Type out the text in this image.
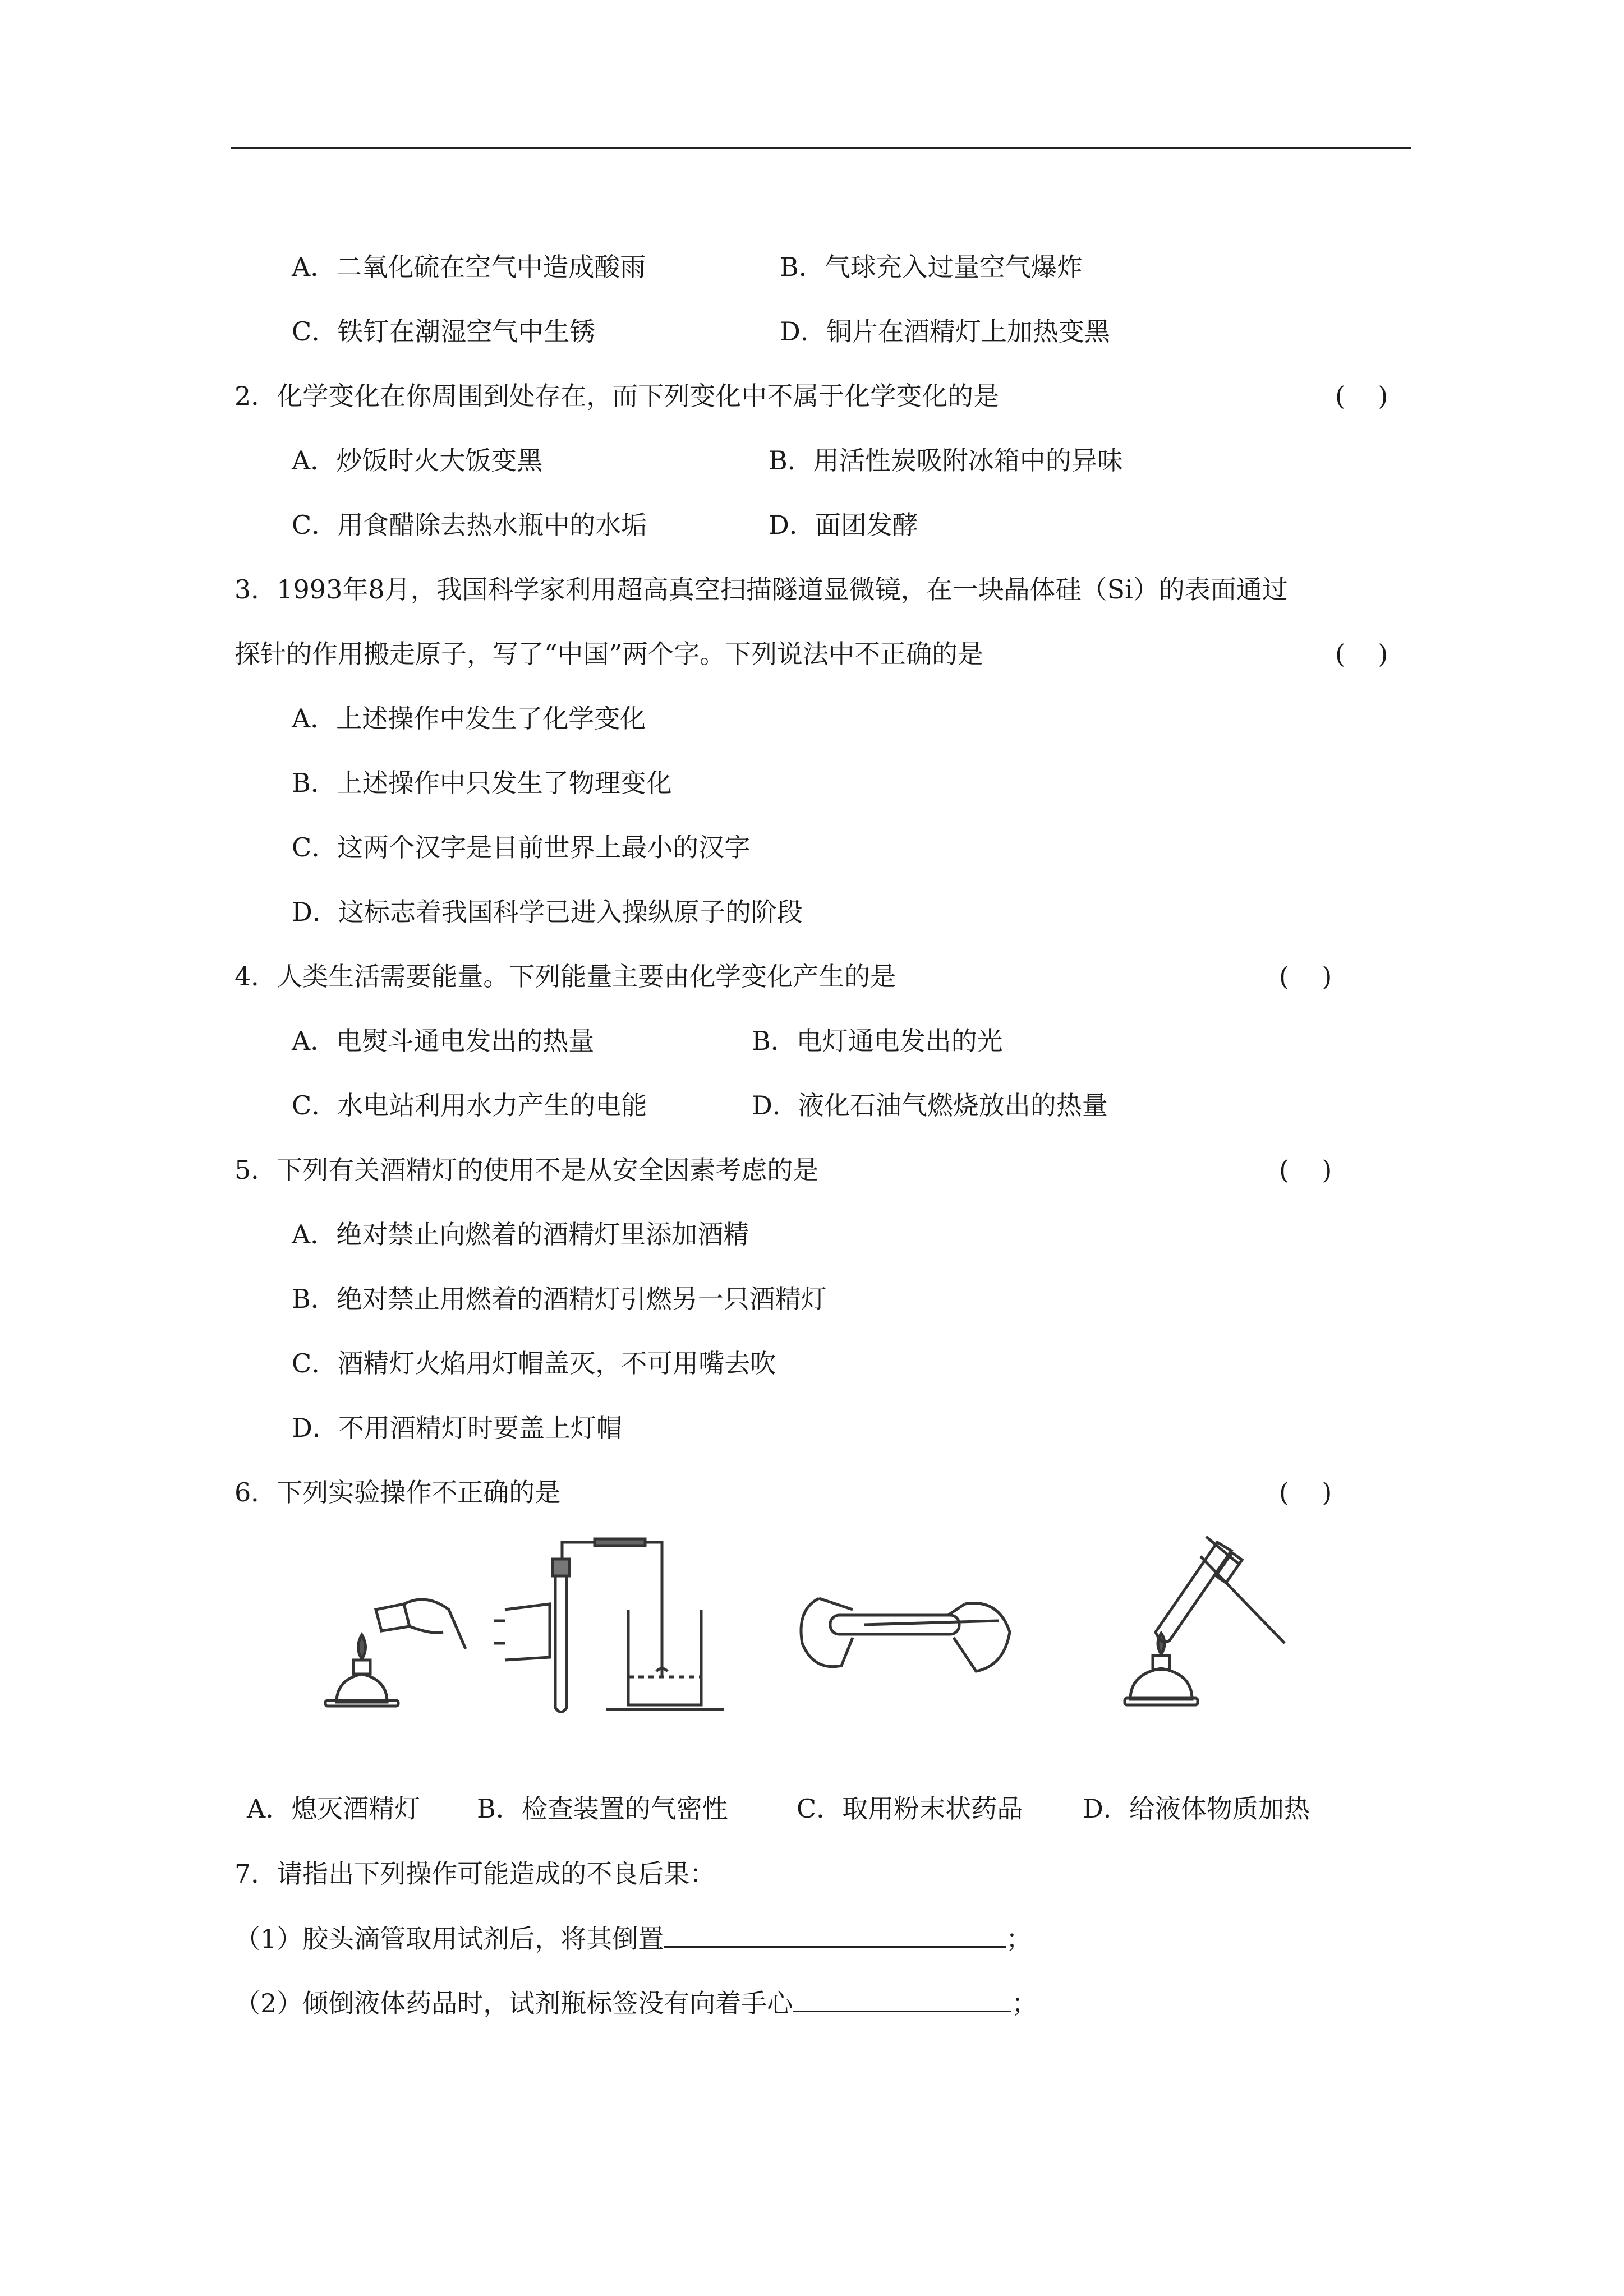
A．二氧化硫在空气中造成酸雨	B．气球充入过量空气爆炸
C．铁钉在潮湿空气中生锈	D．铜片在酒精灯上加热变黑
2．化学变化在你周围到处存在，而下列变化中不属于化学变化的是	(    )
A．炒饭时火大饭变黑	B．用活性炭吸附冰箱中的异味
C．用食醋除去热水瓶中的水垢	D．面团发酵
3．1993年8月，我国科学家利用超高真空扫描隧道显微镜，在一块晶体硅（Si）的表面通过
探针的作用搬走原子，写了“中国”两个字。下列说法中不正确的是	(    )
A．上述操作中发生了化学变化
B．上述操作中只发生了物理变化
C．这两个汉字是目前世界上最小的汉字
D．这标志着我国科学已进入操纵原子的阶段
4．人类生活需要能量。下列能量主要由化学变化产生的是	(    )
A．电熨斗通电发出的热量	B．电灯通电发出的光
C．水电站利用水力产生的电能	D．液化石油气燃烧放出的热量
5．下列有关酒精灯的使用不是从安全因素考虑的是	(    )
A．绝对禁止向燃着的酒精灯里添加酒精
B．绝对禁止用燃着的酒精灯引燃另一只酒精灯
C．酒精灯火焰用灯帽盖灭，不可用嘴去吹
D．不用酒精灯时要盖上灯帽
6．下列实验操作不正确的是	(    )
A．熄灭酒精灯 B．检查装置的气密性	C．取用粉末状药品 D．给液体物质加热
7．请指出下列操作可能造成的不良后果：
（1）胶头滴管取用试剂后，将其倒置	；
（2）倾倒液体药品时，试剂瓶标签没有向着手心	；
